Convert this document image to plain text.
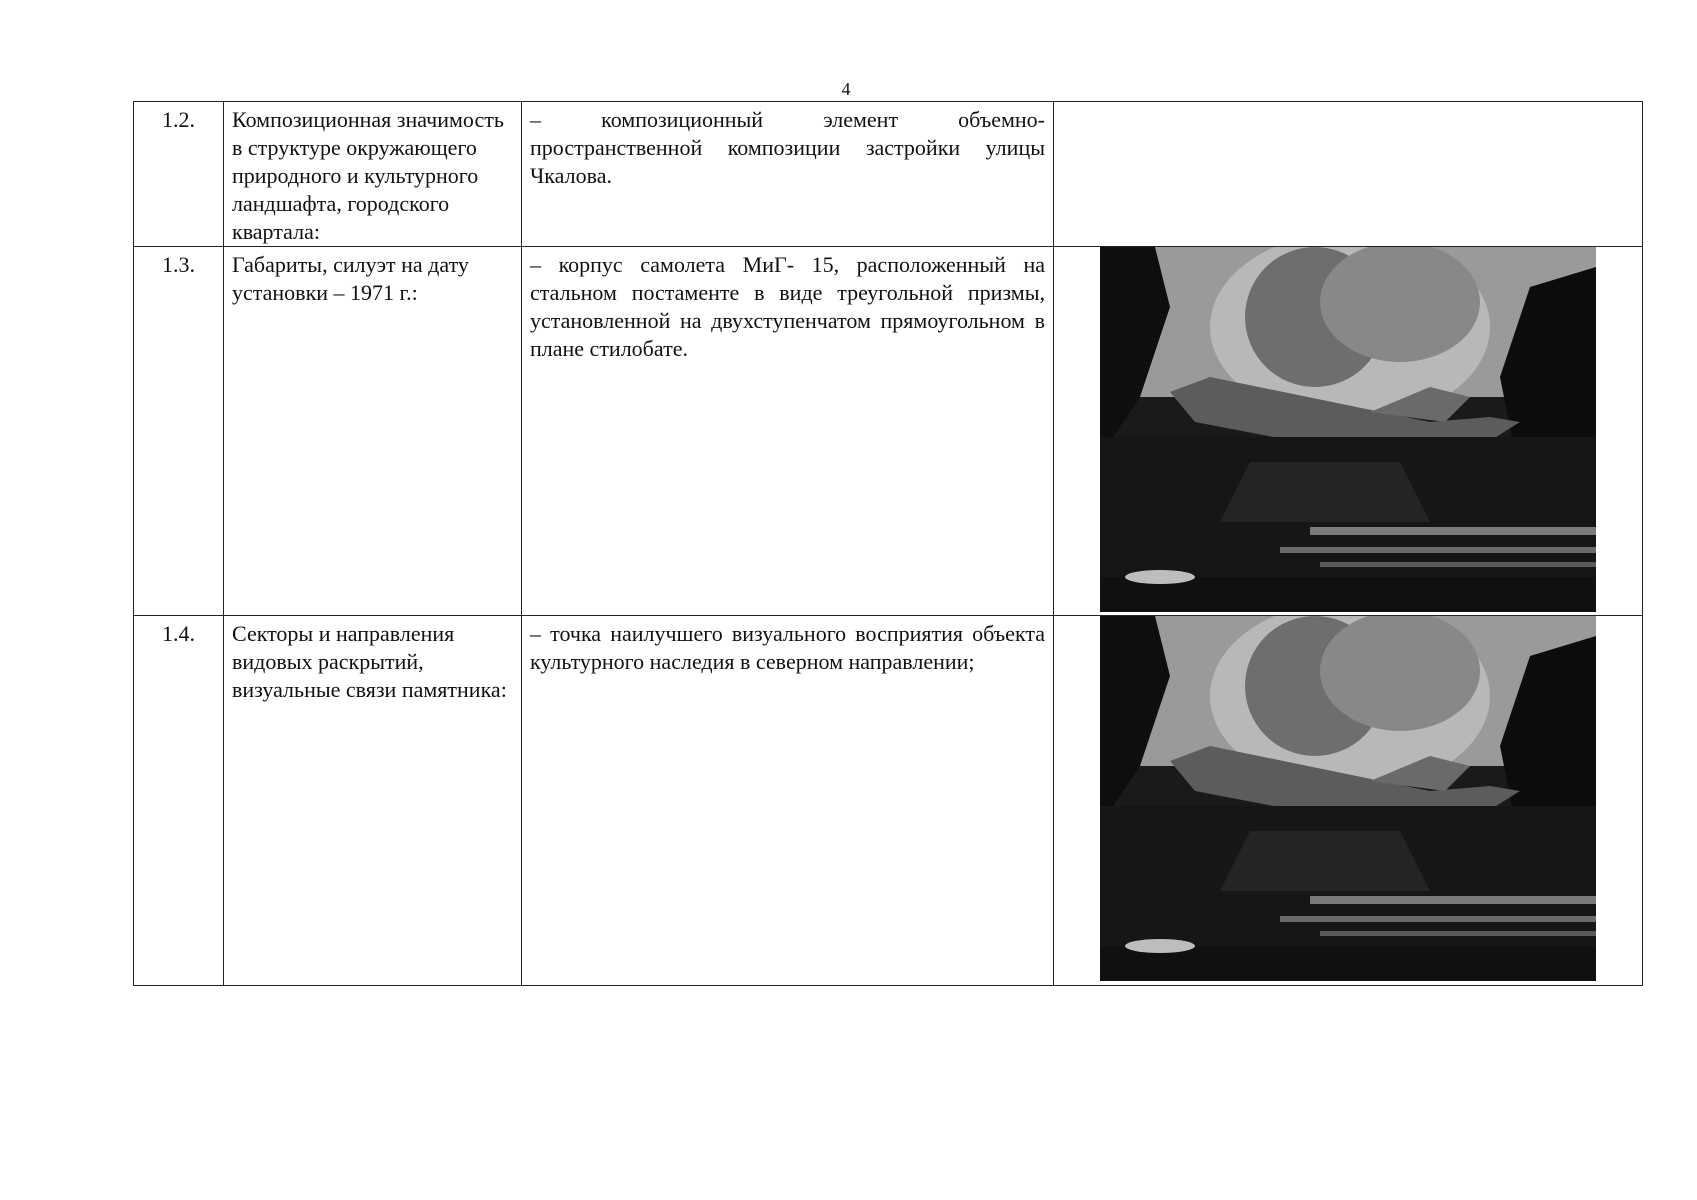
4
1.2.	Композиционная значимость в структуре окружающего природного и культурного ландшафта, городского квартала:	– композиционный элемент объемно-пространственной композиции застройки улицы Чкалова.	
1.3.	Габариты, силуэт на дату установки – 1971 г.:	– корпус самолета МиГ- 15, расположенный на стальном постаменте в виде треугольной призмы, установленной на двухступенчатом прямоугольном в плане стилобате.	

1.4.	Секторы и направления видовых раскрытий, визуальные связи памятника:	– точка наилучшего визуального восприятия объекта культурного наследия в северном направлении;	
